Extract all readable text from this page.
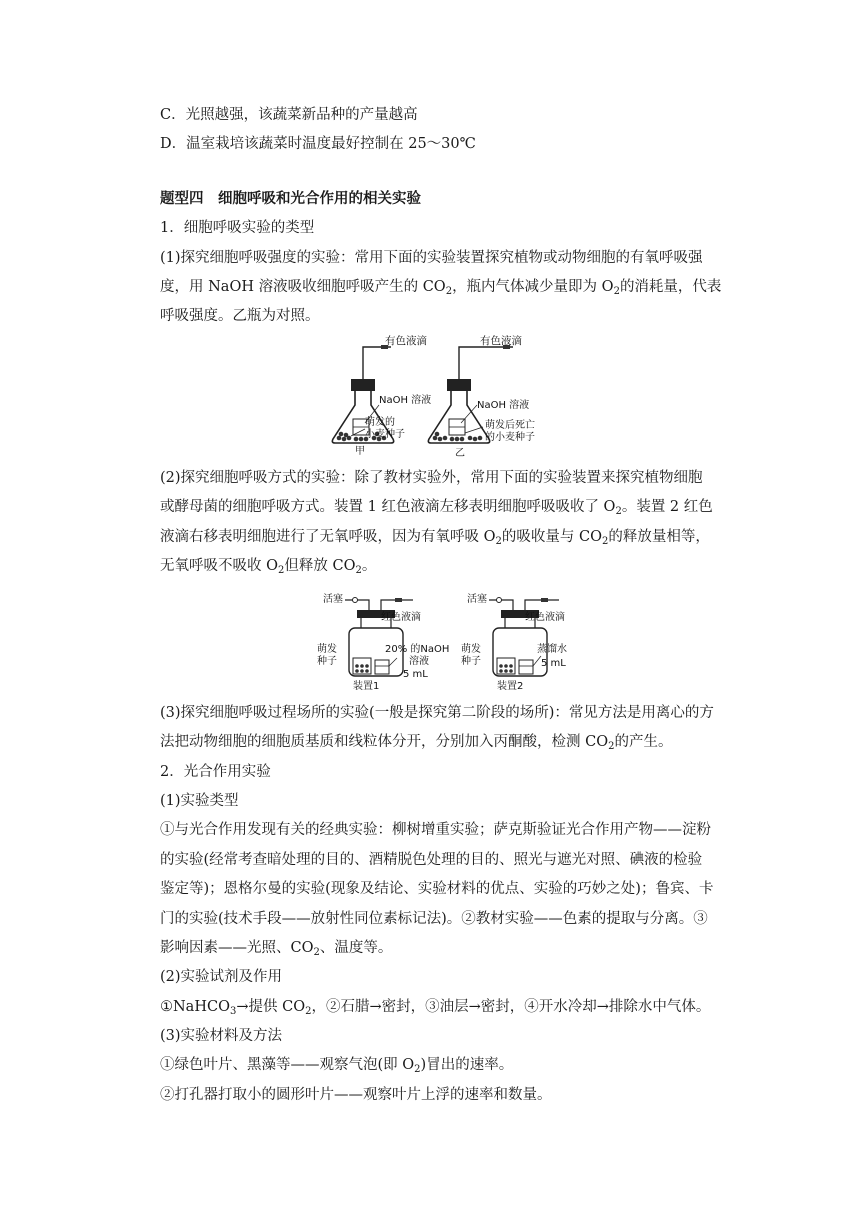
C．光照越强，该蔬菜新品种的产量越高
D．温室栽培该蔬菜时温度最好控制在 25～30℃
题型四　细胞呼吸和光合作用的相关实验
1．细胞呼吸实验的类型
(1)探究细胞呼吸强度的实验：常用下面的实验装置探究植物或动物细胞的有氧呼吸强
度，用 NaOH 溶液吸收细胞呼吸产生的 $CO_2$，瓶内气体减少量即为 $O_2$的消耗量，代表
呼吸强度。乙瓶为对照。
有色液滴
NaOH 溶液
萌发的
小麦种子
甲
有色液滴
NaOH 溶液
萌发后死亡
的小麦种子
乙
(2)探究细胞呼吸方式的实验：除了教材实验外，常用下面的实验装置来探究植物细胞
或酵母菌的细胞呼吸方式。装置 1 红色液滴左移表明细胞呼吸吸收了 $O_2$。装置 2 红色
液滴右移表明细胞进行了无氧呼吸，因为有氧呼吸 $O_2$的吸收量与 $CO_2$的释放量相等，
无氧呼吸不吸收 $O_2$但释放 $CO_2$。
活塞
红色液滴
20% 的NaOH
溶液
5 mL
萌发
种子
装置1
活塞
红色液滴
蒸馏水
5 mL
萌发
种子
装置2
(3)探究细胞呼吸过程场所的实验(一般是探究第二阶段的场所)：常见方法是用离心的方
法把动物细胞的细胞质基质和线粒体分开，分别加入丙酮酸，检测 $CO_2$的产生。
2．光合作用实验
(1)实验类型
①与光合作用发现有关的经典实验：柳树增重实验；萨克斯验证光合作用产物——淀粉
的实验(经常考查暗处理的目的、酒精脱色处理的目的、照光与遮光对照、碘液的检验
鉴定等)；恩格尔曼的实验(现象及结论、实验材料的优点、实验的巧妙之处)；鲁宾、卡
门的实验(技术手段——放射性同位素标记法)。②教材实验——色素的提取与分离。③
影响因素——光照、$CO_2$、温度等。
(2)实验试剂及作用
①NaHCO$_3$→提供 $CO_2$，②石腊→密封，③油层→密封，④开水冷却→排除水中气体。
(3)实验材料及方法
①绿色叶片、黑藻等——观察气泡(即 $O_2$)冒出的速率。
②打孔器打取小的圆形叶片——观察叶片上浮的速率和数量。
